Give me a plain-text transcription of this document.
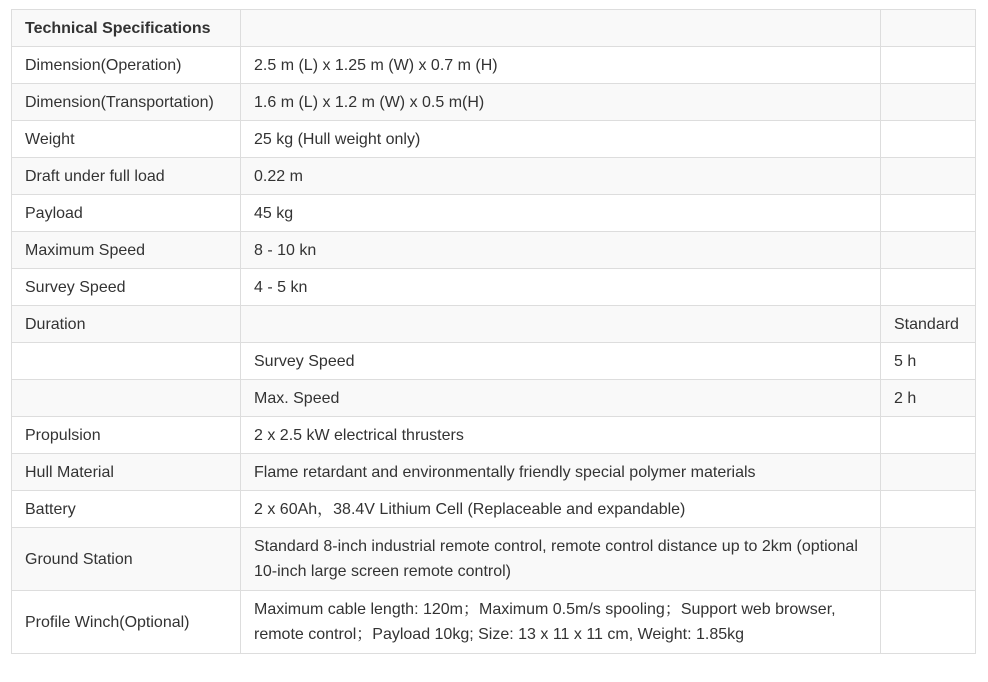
Technical Specifications		
Dimension(Operation)	2.5 m (L) x 1.25 m (W) x 0.7 m (H)	
Dimension(Transportation)	1.6 m (L) x 1.2 m (W) x 0.5 m(H)	
Weight	25 kg (Hull weight only)	
Draft under full load	0.22 m	
Payload	45 kg	
Maximum Speed	8 - 10 kn	
Survey Speed	4 - 5 kn	
Duration		Standard
	Survey Speed	5 h
	Max. Speed	2 h
Propulsion	2 x 2.5 kW electrical thrusters	
Hull Material	Flame retardant and environmentally friendly special polymer materials	
Battery	2 x 60Ah，38.4V Lithium Cell (Replaceable and expandable)	
Ground Station	Standard 8-inch industrial remote control, remote control distance up to 2km (optional 10-inch large screen remote control)	
Profile Winch(Optional)	Maximum cable length: 120m；Maximum 0.5m/s spooling；Support web browser, remote control；Payload 10kg; Size: 13 x 11 x 11 cm, Weight: 1.85kg	
